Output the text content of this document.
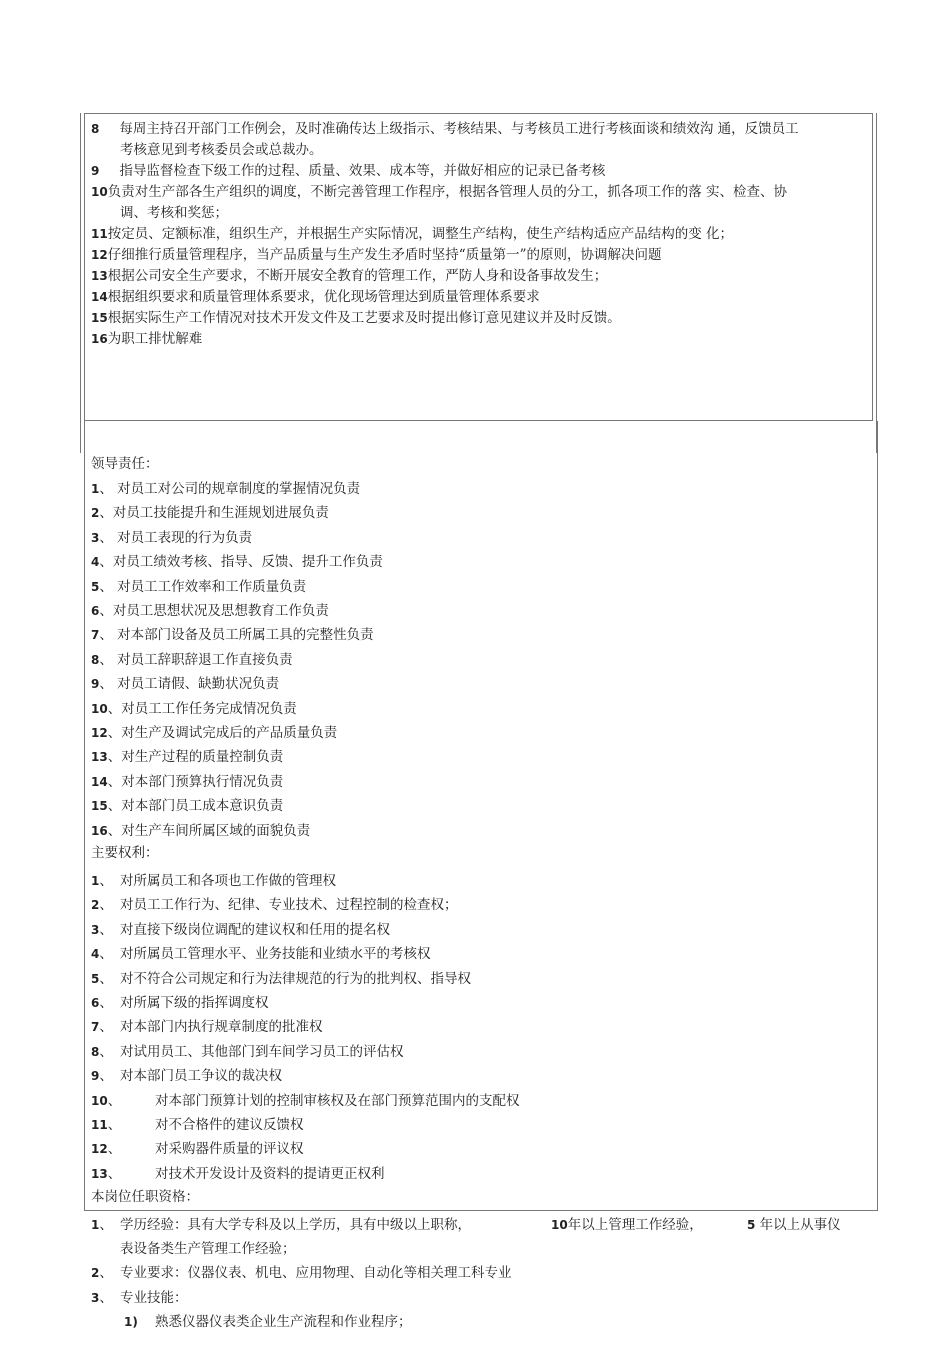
8 每周主持召开部门工作例会，及时准确传达上级指示、考核结果、与考核员工进行考核面谈和绩效沟 通，反馈员工
考核意见到考核委员会或总裁办。
9 指导监督检查下级工作的过程、质量、效果、成本等，并做好相应的记录已备考核
10负责对生产部各生产组织的调度，不断完善管理工作程序，根据各管理人员的分工，抓各项工作的落 实、检查、协
调、考核和奖惩；
11按定员、定额标准，组织生产，并根据生产实际情况，调整生产结构，使生产结构适应产品结构的变 化；
12仔细推行质量管理程序，当产品质量与生产发生矛盾时坚持“质量第一”的原则，协调解决问题
13根据公司安全生产要求，不断开展安全教育的管理工作，严防人身和设备事故发生；
14根据组织要求和质量管理体系要求，优化现场管理达到质量管理体系要求
15根据实际生产工作情况对技术开发文件及工艺要求及时提出修订意见建议并及时反馈。
16为职工排忧解难
领导责任：
1、 对员工对公司的规章制度的掌握情况负责
2、对员工技能提升和生涯规划进展负责
3、 对员工表现的行为负责
4、对员工绩效考核、指导、反馈、提升工作负责
5、 对员工工作效率和工作质量负责
6、对员工思想状况及思想教育工作负责
7、 对本部门设备及员工所属工具的完整性负责
8、 对员工辞职辞退工作直接负责
9、 对员工请假、缺勤状况负责
10、对员工工作任务完成情况负责
12、对生产及调试完成后的产品质量负责
13、对生产过程的质量控制负责
14、对本部门预算执行情况负责
15、对本部门员工成本意识负责
16、对生产车间所属区域的面貌负责
主要权利：
1、 对所属员工和各项也工作做的管理权
2、 对员工工作行为、纪律、专业技术、过程控制的检查权；
3、 对直接下级岗位调配的建议权和任用的提名权
4、 对所属员工管理水平、业务技能和业绩水平的考核权
5、 对不符合公司规定和行为法律规范的行为的批判权、指导权
6、 对所属下级的指挥调度权
7、 对本部门内执行规章制度的批准权
8、 对试用员工、其他部门到车间学习员工的评估权
9、 对本部门员工争议的裁决权
10、	对本部门预算计划的控制审核权及在部门预算范围内的支配权
11、	对不合格件的建议反馈权
12、	对采购器件质量的评议权
13、	对技术开发设计及资料的提请更正权利
本岗位任职资格：
1、 学历经验：具有大学专科及以上学历，具有中级以上职称，	10年以上管理工作经验，	5 年以上从事仪
表设备类生产管理工作经验；
2、 专业要求：仪器仪表、机电、应用物理、自动化等相关理工科专业
3、 专业技能：
1) 熟悉仪器仪表类企业生产流程和作业程序；
